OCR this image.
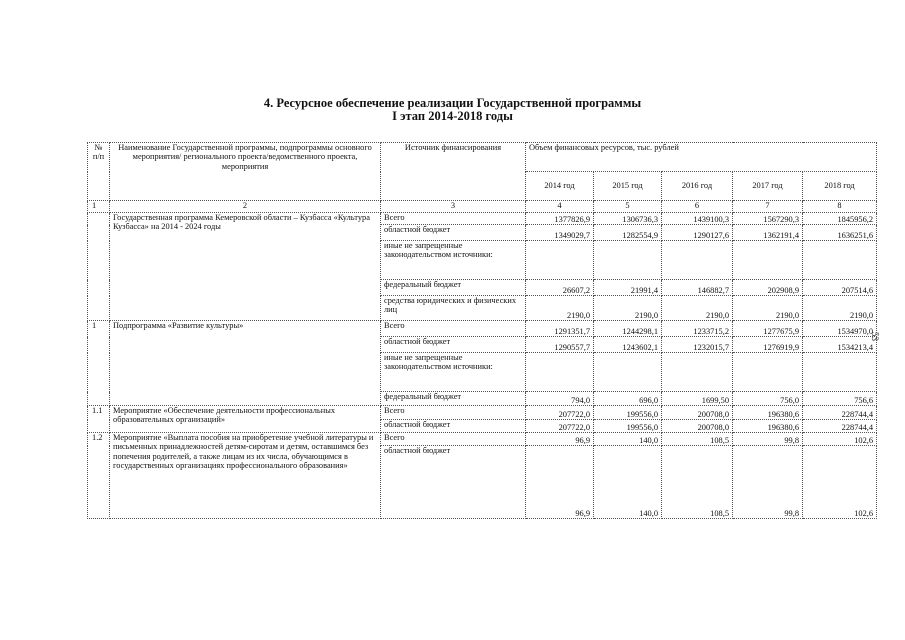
4. Ресурсное обеспечение реализации Государственной программы
I этап 2014-2018 годы
№ п/п	Наименование Государственной программы, подпрограммы основного мероприятия/ регионального проекта/ведомственного проекта, мероприятия	Источник финансирования	Объем финансовых ресурсов, тыс. рублей				
			2014 год	2015 год	2016 год	2017 год	2018 год
1	2	3	4	5	6	7	8
	Государственная программа Кемеровской области – Кузбасса «Культура Кузбасса» на 2014 - 2024 годы	Всего	1377826,9	1306736,3	1439100,3	1567290,3	1845956,2
		областной бюджет	1349029,7	1282554,9	1290127,6	1362191,4	1636251,6
		иные не запрещенные законодательством источники:					
		федеральный бюджет	26607,2	21991,4	146882,7	202908,9	207514,6
		средства юридических и физических лиц	2190,0	2190,0	2190,0	2190,0	2190,0
1	Подпрограмма «Развитие культуры»	Всего	1291351,7	1244298,1	1233715,2	1277675,9	1534970,0
		областной бюджет	1290557,7	1243602,1	1232015,7	1276919,9	1534213,4
		иные не запрещенные законодательством источники:					
		федеральный бюджет	794,0	696,0	1699,50	756,0	756,6
1.1	Мероприятие «Обеспечение деятельности профессиональных образовательных организаций»	Всего	207722,0	199556,0	200708,0	196380,6	228744,4
		областной бюджет	207722,0	199556,0	200708,0	196380,6	228744,4
1.2	Мероприятие «Выплата пособия на приобретение учебной литературы и письменных принадлежностей детям-сиротам и детям, оставшимся без попечения родителей, а также лицам из их числа, обучающимся в государственных организациях профессионального образования»	Всего	96,9	140,0	108,5	99,8	102,6
		областной бюджет	96,9	140,0	108,5	99,8	102,6
53
